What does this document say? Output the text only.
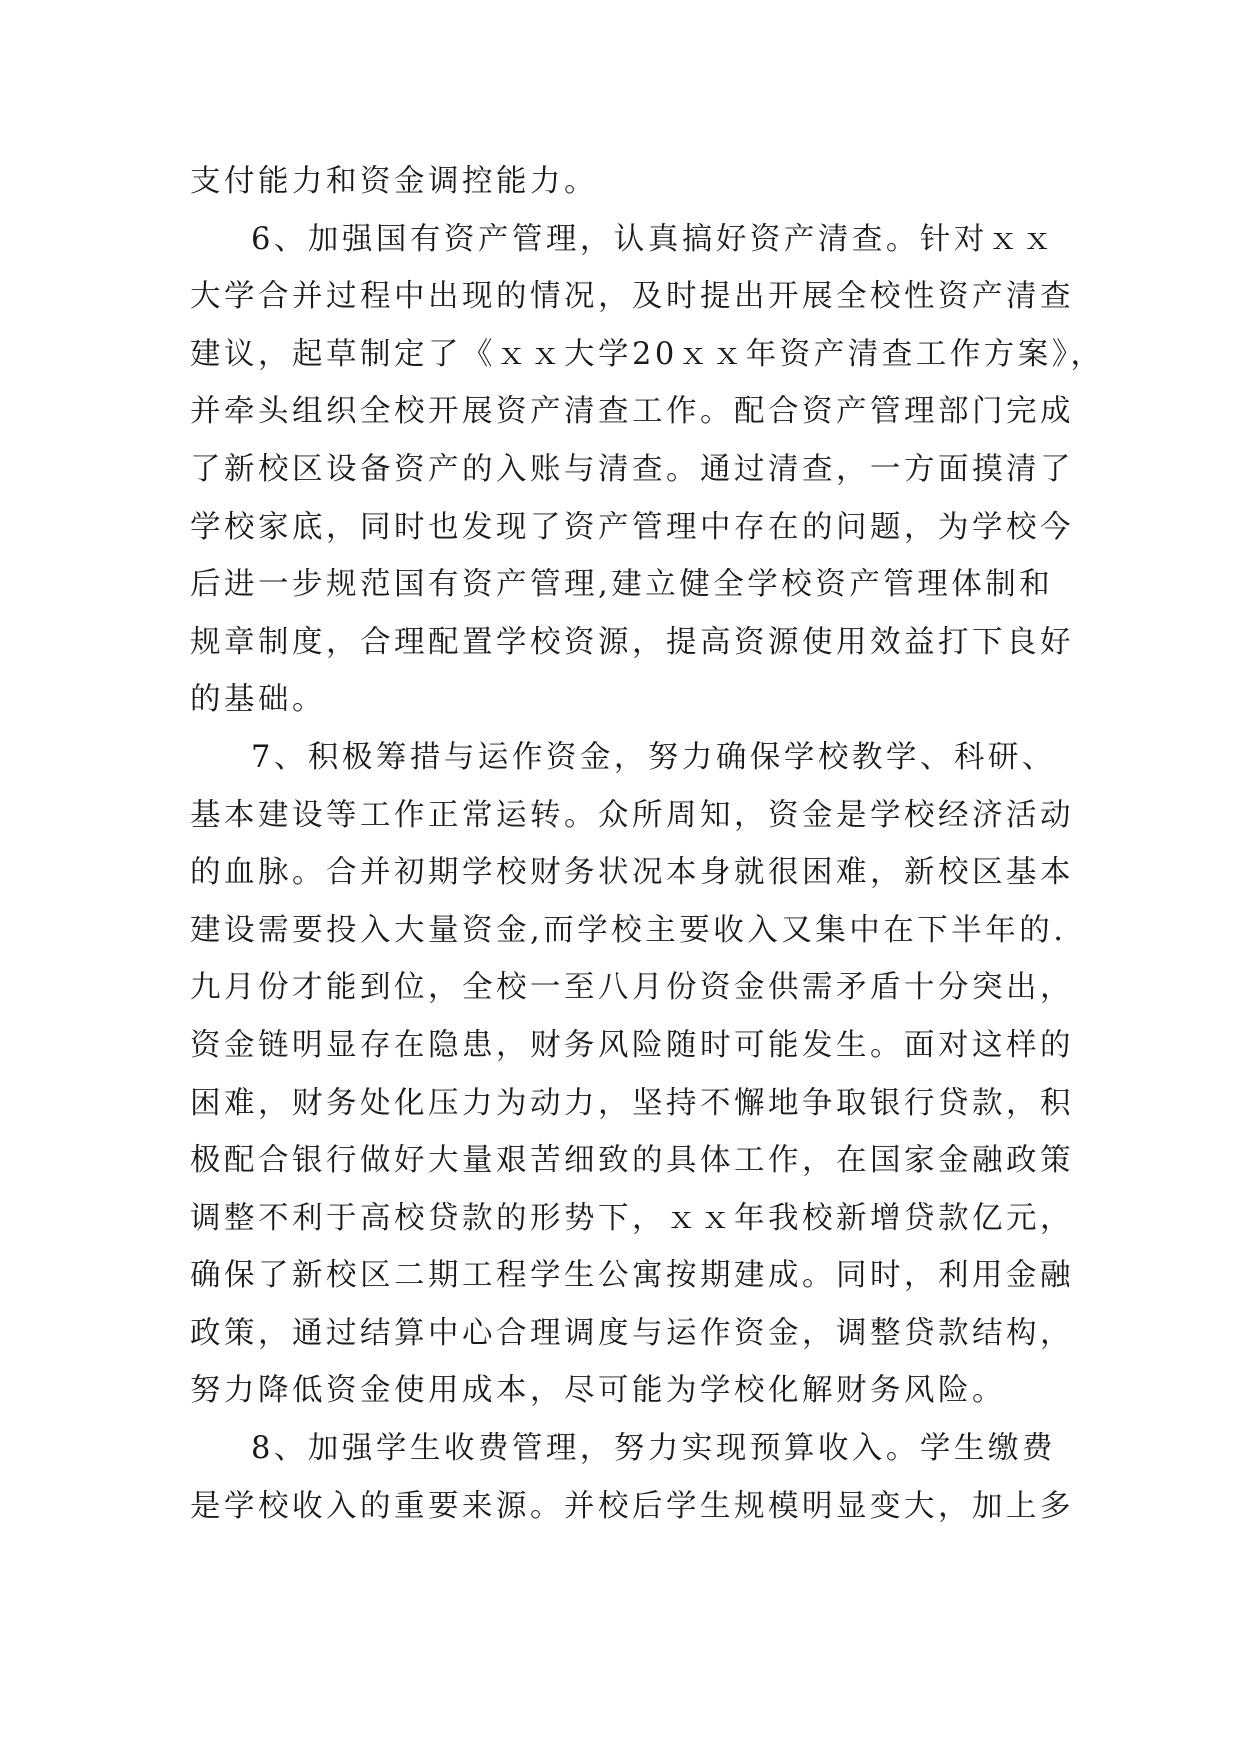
支付能力和资金调控能力。
6、加强国有资产管理，认真搞好资产清查。针对ｘｘ
大学合并过程中出现的情况，及时提出开展全校性资产清查
建议，起草制定了《ｘｘ大学20ｘｘ年资产清查工作方案》，
并牵头组织全校开展资产清查工作。配合资产管理部门完成
了新校区设备资产的入账与清查。通过清查，一方面摸清了
学校家底，同时也发现了资产管理中存在的问题，为学校今
后进一步规范国有资产管理,建立健全学校资产管理体制和
规章制度，合理配置学校资源，提高资源使用效益打下良好
的基础。
7、积极筹措与运作资金，努力确保学校教学、科研、
基本建设等工作正常运转。众所周知，资金是学校经济活动
的血脉。合并初期学校财务状况本身就很困难，新校区基本
建设需要投入大量资金,而学校主要收入又集中在下半年的.
九月份才能到位，全校一至八月份资金供需矛盾十分突出，
资金链明显存在隐患，财务风险随时可能发生。面对这样的
困难，财务处化压力为动力，坚持不懈地争取银行贷款，积
极配合银行做好大量艰苦细致的具体工作，在国家金融政策
调整不利于高校贷款的形势下，ｘｘ年我校新增贷款亿元，
确保了新校区二期工程学生公寓按期建成。同时，利用金融
政策，通过结算中心合理调度与运作资金，调整贷款结构，
努力降低资金使用成本，尽可能为学校化解财务风险。
8、加强学生收费管理，努力实现预算收入。学生缴费
是学校收入的重要来源。并校后学生规模明显变大，加上多
